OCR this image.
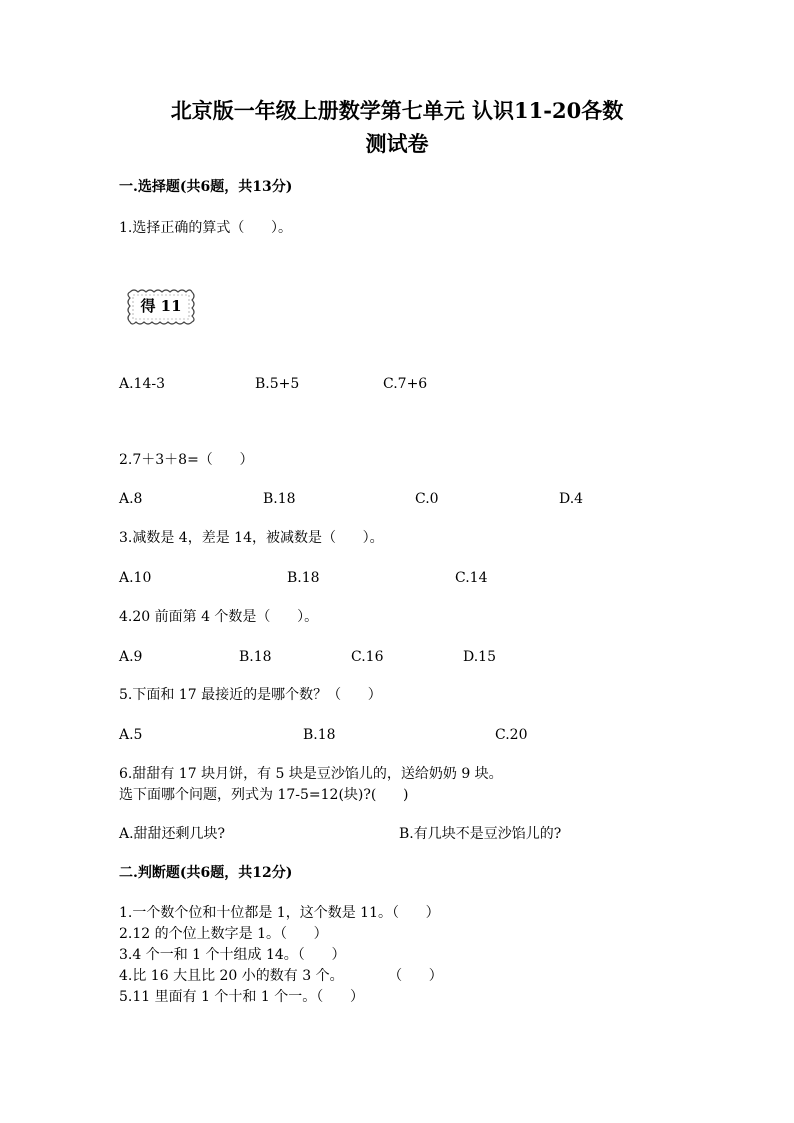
北京版一年级上册数学第七单元 认识11-20各数
测试卷
一.选择题(共6题，共13分)
1.选择正确的算式（      ）。
得 11
A.14-3	B.5+5	C.7+6
2.7＋3＋8=（      ）
A.8	B.18	C.0	D.4
3.减数是 4，差是 14，被减数是（      ）。
A.10	B.18	C.14
4.20 前面第 4 个数是（      ）。
A.9	B.18	C.16	D.15
5.下面和 17 最接近的是哪个数？（      ）
A.5	B.18	C.20
6.甜甜有 17 块月饼，有 5 块是豆沙馅儿的，送给奶奶 9 块。
选下面哪个问题，列式为 17-5=12(块)?(      )
A.甜甜还剩几块?	B.有几块不是豆沙馅儿的?
二.判断题(共6题，共12分)
1.一个数个位和十位都是 1，这个数是 11。（      ）
2.12 的个位上数字是 1。（      ）
3.4 个一和 1 个十组成 14。（      ）
4.比 16 大且比 20 小的数有 3 个。          （      ）
5.11 里面有 1 个十和 1 个一。（      ）
